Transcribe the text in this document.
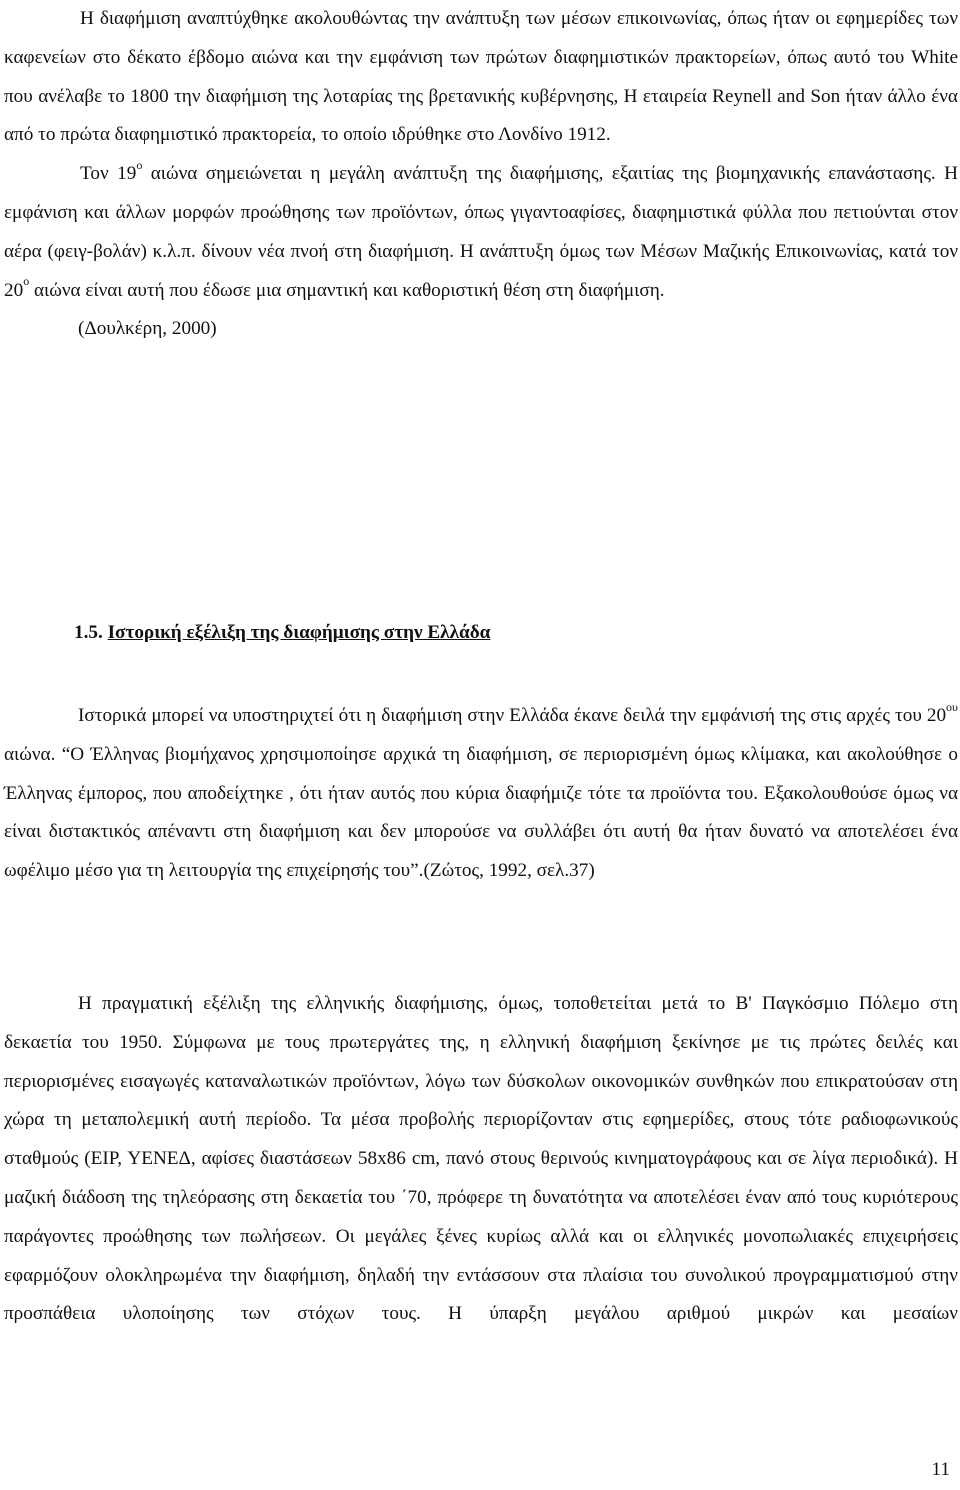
Η διαφήμιση αναπτύχθηκε ακολουθώντας την ανάπτυξη των μέσων επικοινωνίας, όπως ήταν οι εφημερίδες των καφενείων στο δέκατο έβδομο αιώνα και την εμφάνιση των πρώτων διαφημιστικών πρακτορείων, όπως αυτό του White που ανέλαβε το 1800 την διαφήμιση της λοταρίας της βρετανικής κυβέρνησης, Η εταιρεία Reynell and Son ήταν άλλο ένα από το πρώτα διαφημιστικό πρακτορεία, το οποίο ιδρύθηκε στο Λονδίνο 1912.
Τον $19^o$ αιώνα σημειώνεται η μεγάλη ανάπτυξη της διαφήμισης, εξαιτίας της βιομηχανικής επανάστασης. Η εμφάνιση και άλλων μορφών προώθησης των προϊόντων, όπως γιγαντοαφίσες, διαφημιστικά φύλλα που πετιούνται στον αέρα (φειγ-βολάν) κ.λ.π. δίνουν νέα πνοή στη διαφήμιση. Η ανάπτυξη όμως των Μέσων Μαζικής Επικοινωνίας, κατά τον $20^o$ αιώνα είναι αυτή που έδωσε μια σημαντική και καθοριστική θέση στη διαφήμιση.
(Δουλκέρη, 2000)
1.5. Ιστορική εξέλιξη της διαφήμισης στην Ελλάδα
Ιστορικά μπορεί να υποστηριχτεί ότι η διαφήμιση στην Ελλάδα έκανε δειλά την εμφάνισή της στις αρχές του $20^{o\upsilon}$ αιώνα. “Ο Έλληνας βιομήχανος χρησιμοποίησε αρχικά τη διαφήμιση, σε περιορισμένη όμως κλίμακα, και ακολούθησε ο Έλληνας έμπορος, που αποδείχτηκε , ότι ήταν αυτός που κύρια διαφήμιζε τότε τα προϊόντα του. Εξακολουθούσε όμως να είναι διστακτικός απέναντι στη διαφήμιση και δεν μπορούσε να συλλάβει ότι αυτή θα ήταν δυνατό να αποτελέσει ένα ωφέλιμο μέσο για τη λειτουργία της επιχείρησής του”.(Ζώτος, 1992, σελ.37)
Η πραγματική εξέλιξη της ελληνικής διαφήμισης, όμως, τοποθετείται μετά το Β' Παγκόσμιο Πόλεμο στη δεκαετία του 1950. Σύμφωνα με τους πρωτεργάτες της, η ελληνική διαφήμιση ξεκίνησε με τις πρώτες δειλές και περιορισμένες εισαγωγές καταναλωτικών προϊόντων, λόγω των δύσκολων οικονομικών συνθηκών που επικρατούσαν στη χώρα τη μεταπολεμική αυτή περίοδο. Τα μέσα προβολής περιορίζονταν στις εφημερίδες, στους τότε ραδιοφωνικούς σταθμούς (ΕΙΡ, ΥΕΝΕΔ, αφίσες διαστάσεων 58x86 cm, πανό στους θερινούς κινηματογράφους και σε λίγα περιοδικά). Η μαζική διάδοση της τηλεόρασης στη δεκαετία του ΄70, πρόφερε τη δυνατότητα να αποτελέσει έναν από τους κυριότερους παράγοντες προώθησης των πωλήσεων. Οι μεγάλες ξένες κυρίως αλλά και οι ελληνικές μονοπωλιακές επιχειρήσεις εφαρμόζουν ολοκληρωμένα την διαφήμιση, δηλαδή την εντάσσουν στα πλαίσια του συνολικού προγραμματισμού στην προσπάθεια υλοποίησης των στόχων τους. Η ύπαρξη μεγάλου αριθμού μικρών και μεσαίων
11
